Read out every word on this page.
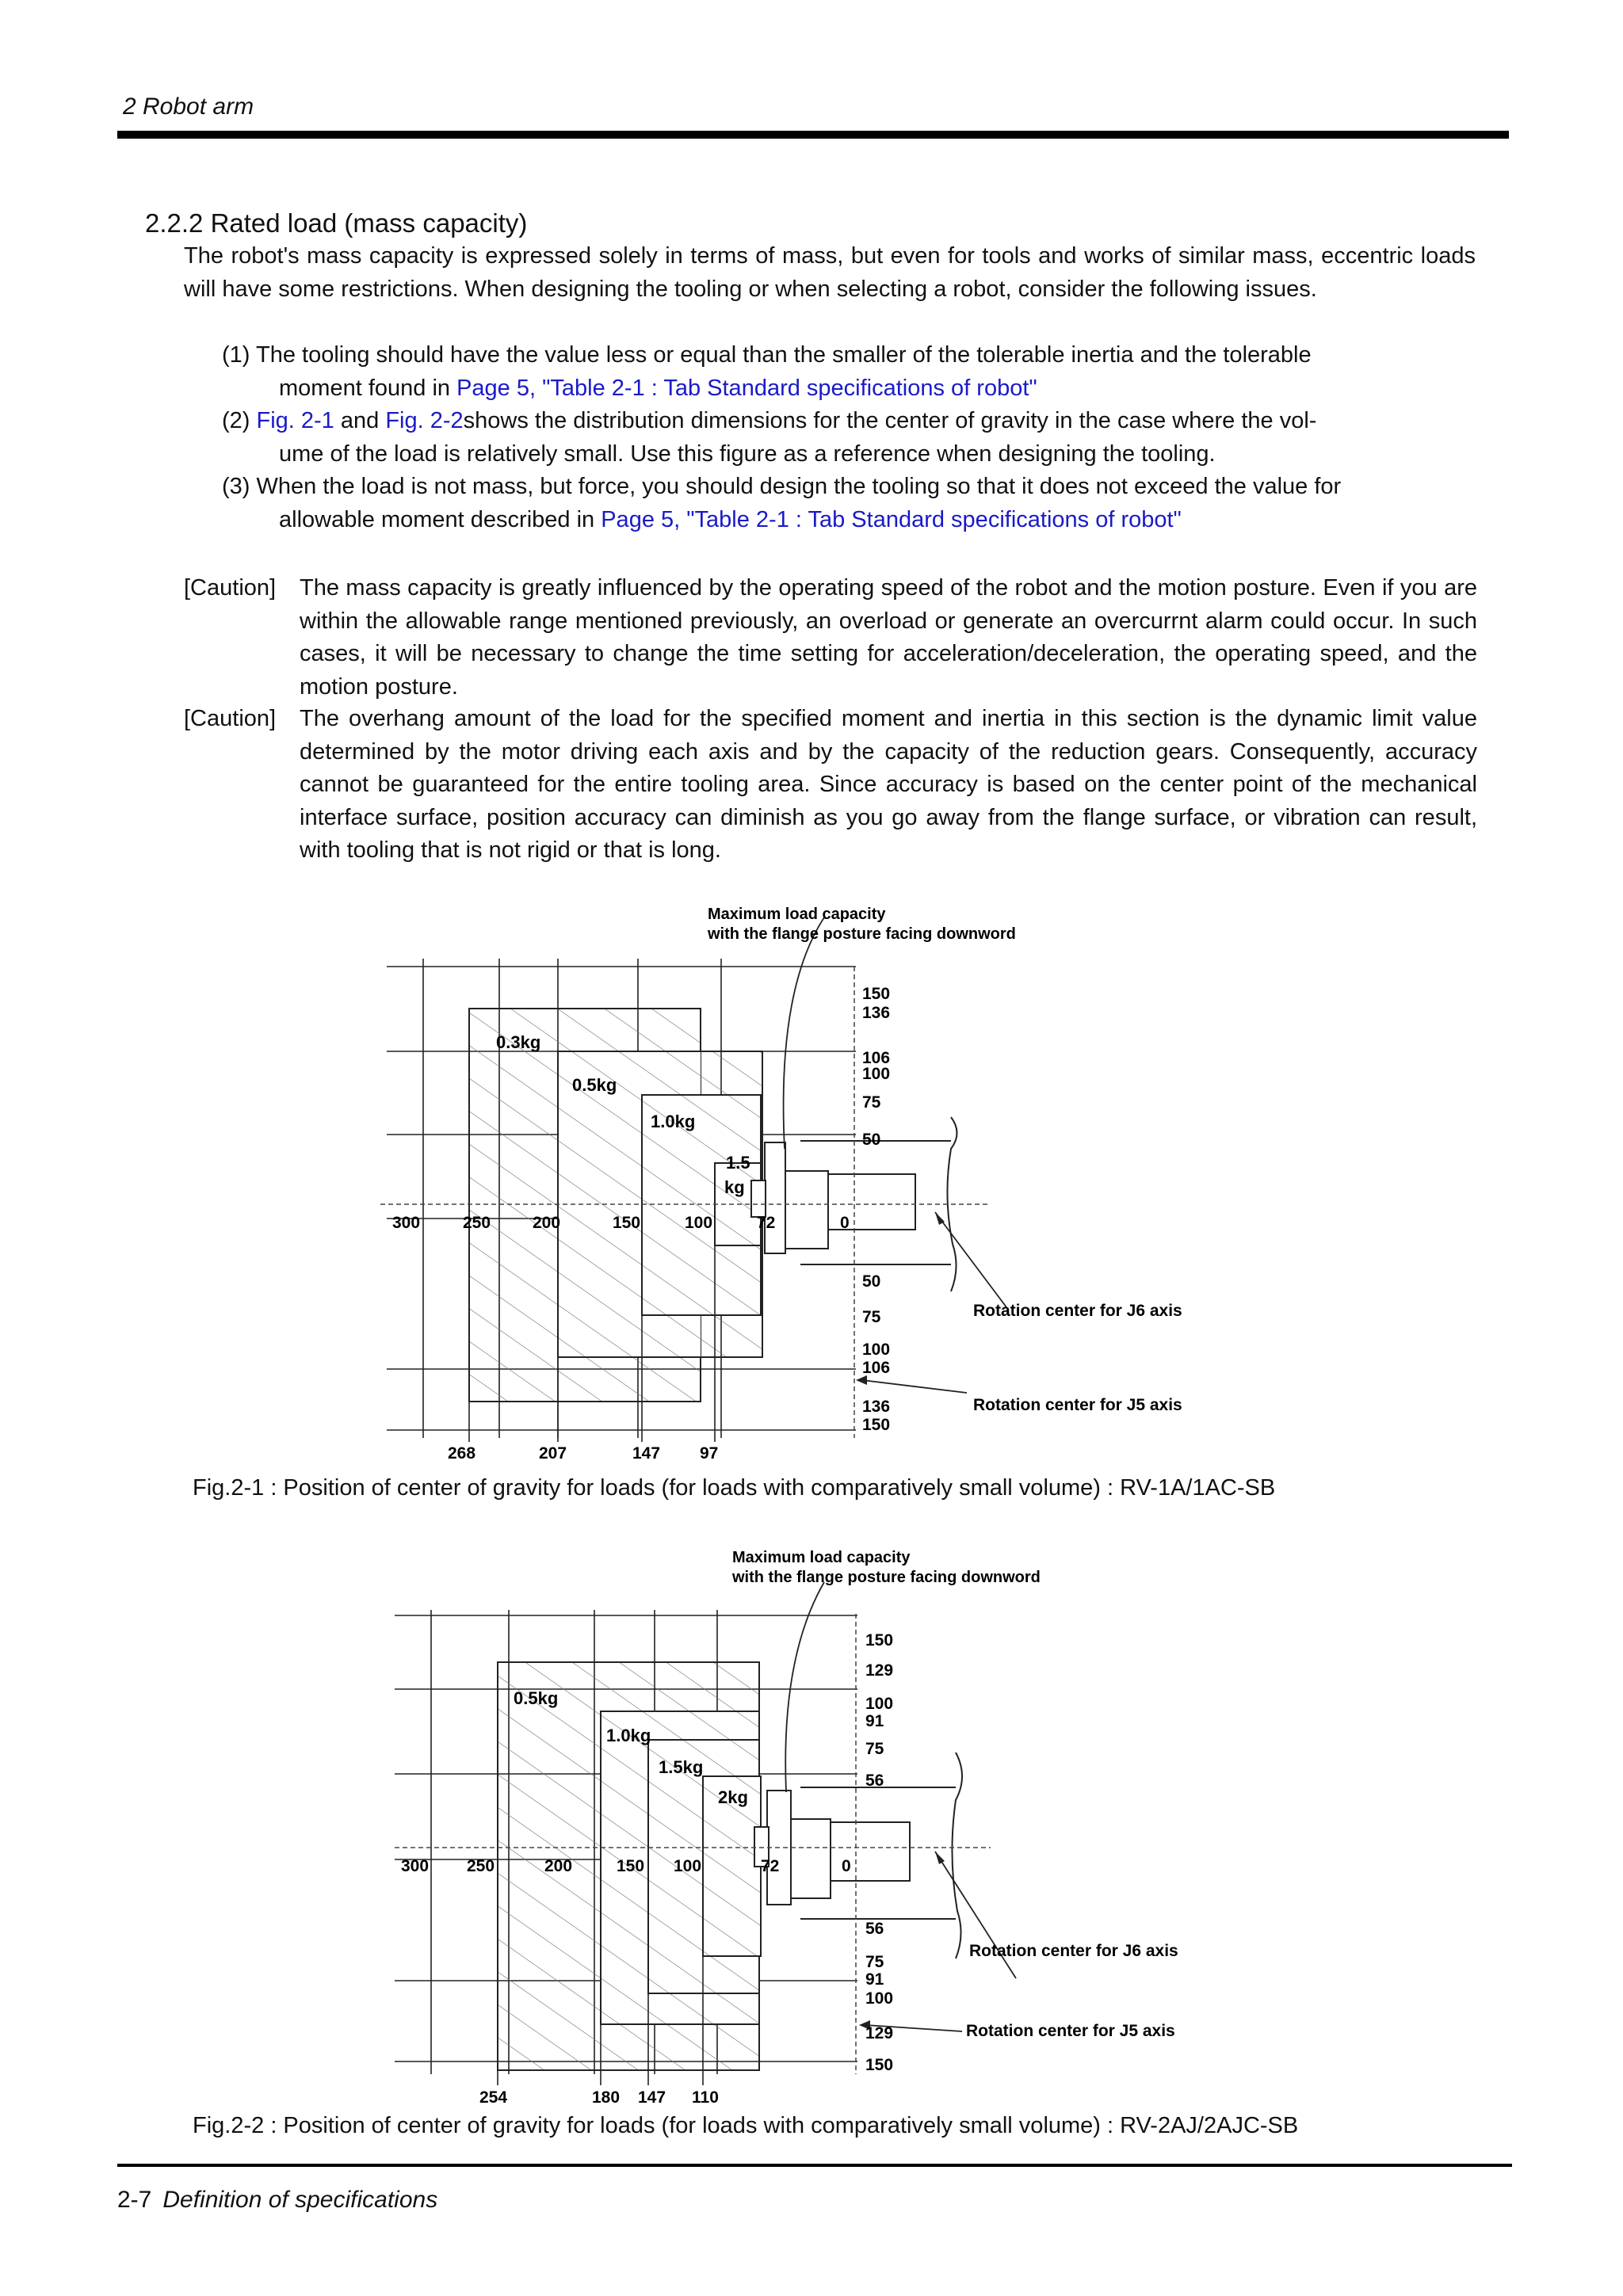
2 Robot arm
2.2.2 Rated load (mass capacity)
The robot's mass capacity is expressed solely in terms of mass, but even for tools and works of similar mass, eccentric loads will have some restrictions. When designing the tooling or when selecting a robot, consider the following issues.
(1) The tooling should have the value less or equal than the smaller of the tolerable inertia and the tolerable
moment found in Page 5, "Table 2-1 : Tab Standard specifications of robot"
(2) Fig. 2-1 and Fig. 2-2shows the distribution dimensions for the center of gravity in the case where the vol-
ume of the load is relatively small. Use this figure as a reference when designing the tooling.
(3) When the load is not mass, but force, you should design the tooling so that it does not exceed the value for
allowable moment described in Page 5, "Table 2-1 : Tab Standard specifications of robot"
[Caution] The mass capacity is greatly influenced by the operating speed of the robot and the motion posture. Even if you are within the allowable range mentioned previously, an overload or generate an overcurrnt alarm could occur. In such cases, it will be necessary to change the time setting for acceleration/deceleration, the operating speed, and the motion posture.
[Caution] The overhang amount of the load for the specified moment and inertia in this section is the dynamic limit value determined by the motor driving each axis and by the capacity of the reduction gears. Consequently, accuracy cannot be guaranteed for the entire tooling area. Since accuracy is based on the center point of the mechanical interface surface, position accuracy can diminish as you go away from the flange surface, or vibration can result, with tooling that is not rigid or that is long.
Maximum load capacity
with the flange posture facing downword
0.3kg
0.5kg
1.0kg
1.5
kg
300	250	200	150	100	72	0
150
136
106
100
75
50
50
75
100
106
136
150
268	207	147 97
Rotation center for J6 axis
Rotation center for J5 axis
Fig.2-1 : Position of center of gravity for loads (for loads with comparatively small volume) : RV-1A/1AC-SB
Maximum load capacity
with the flange posture facing downword
0.5kg
1.0kg
1.5kg
2kg
300 250	200	150 100	72	0
150
129
100
91
75
56
56
75
91
100
129
150
254	180 147 110
Rotation center for J6 axis
Rotation center for J5 axis
Fig.2-2 : Position of center of gravity for loads (for loads with comparatively small volume) : RV-2AJ/2AJC-SB
2-7 Definition of specifications
